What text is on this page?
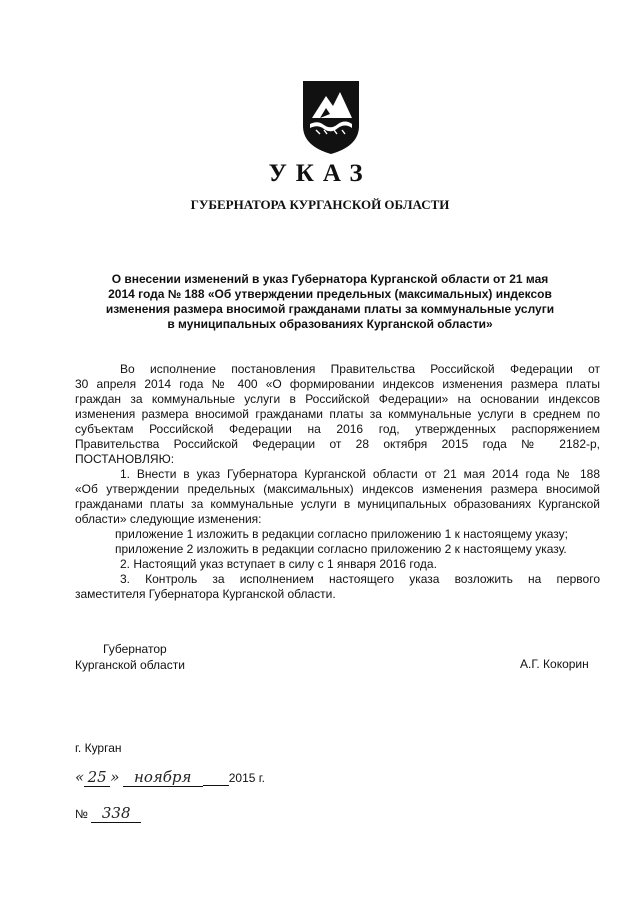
УКАЗ
ГУБЕРНАТОРА КУРГАНСКОЙ ОБЛАСТИ
О внесении изменений в указ Губернатора Курганской области от 21 мая
2014 года № 188 «Об утверждении предельных (максимальных) индексов
изменения размера вносимой гражданами платы за коммунальные услуги
в муниципальных образованиях Курганской области»

Во исполнение постановления Правительства Российской Федерации от

30 апреля 2014 года № 400 «О формировании индексов изменения размера платы

граждан за коммунальные услуги в Российской Федерации» на основании индексов

изменения размера вносимой гражданами платы за коммунальные услуги в среднем по

субъектам Российской Федерации на 2016 год, утвержденных распоряжением

Правительства Российской Федерации от 28 октября 2015 года № 2182-р,

ПОСТАНОВЛЯЮ:

1. Внести в указ Губернатора Курганской области от 21 мая 2014 года № 188

«Об утверждении предельных (максимальных) индексов изменения размера вносимой

гражданами платы за коммунальные услуги в муниципальных образованиях Курганской

области» следующие изменения:

приложение 1 изложить в редакции согласно приложению 1 к настоящему указу;

приложение 2 изложить в редакции согласно приложению 2 к настоящему указу.

2. Настоящий указ вступает в силу с 1 января 2016 года.

3. Контроль за исполнением настоящего указа возложить на первого

заместителя Губернатора Курганской области.

Губернатор
Курганской области	А.Г. Кокорин
г. Курган
« 25 » ноября	2015 г.
№ 338
